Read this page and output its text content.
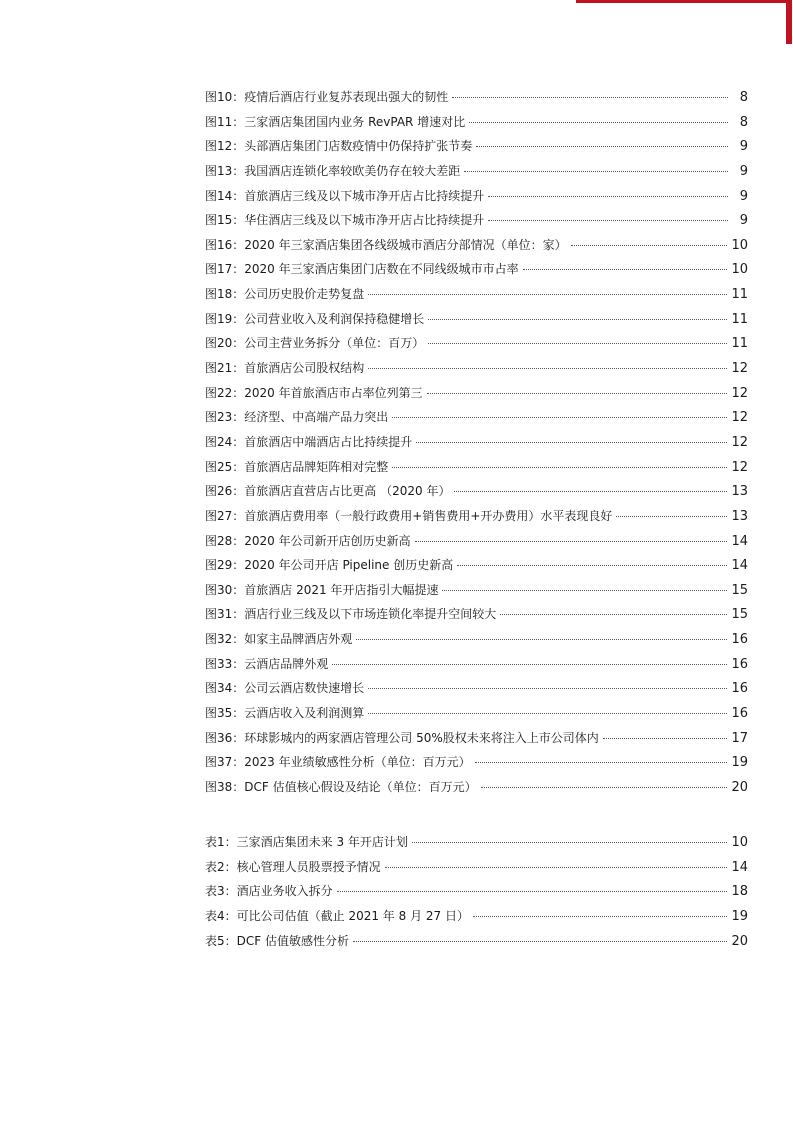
图10：疫情后酒店行业复苏表现出强大的韧性	8
图11：三家酒店集团国内业务 RevPAR 增速对比	8
图12：头部酒店集团门店数疫情中仍保持扩张节奏	9
图13：我国酒店连锁化率较欧美仍存在较大差距	9
图14：首旅酒店三线及以下城市净开店占比持续提升	9
图15：华住酒店三线及以下城市净开店占比持续提升	9
图16：2020 年三家酒店集团各线级城市酒店分部情况（单位：家）	10
图17：2020 年三家酒店集团门店数在不同线级城市市占率	10
图18：公司历史股价走势复盘	11
图19：公司营业收入及利润保持稳健增长	11
图20：公司主营业务拆分（单位：百万）	11
图21：首旅酒店公司股权结构	12
图22：2020 年首旅酒店市占率位列第三	12
图23：经济型、中高端产品力突出	12
图24：首旅酒店中端酒店占比持续提升	12
图25：首旅酒店品牌矩阵相对完整	12
图26：首旅酒店直营店占比更高 （2020 年）	13
图27：首旅酒店费用率（一般行政费用+销售费用+开办费用）水平表现良好	13
图28：2020 年公司新开店创历史新高	14
图29：2020 年公司开店 Pipeline 创历史新高	14
图30：首旅酒店 2021 年开店指引大幅提速	15
图31：酒店行业三线及以下市场连锁化率提升空间较大	15
图32：如家主品牌酒店外观	16
图33：云酒店品牌外观	16
图34：公司云酒店数快速增长	16
图35：云酒店收入及利润测算	16
图36：环球影城内的两家酒店管理公司 50%股权未来将注入上市公司体内	17
图37：2023 年业绩敏感性分析（单位：百万元）	19
图38：DCF 估值核心假设及结论（单位：百万元）	20
表1：三家酒店集团未来 3 年开店计划	10
表2：核心管理人员股票授予情况	14
表3：酒店业务收入拆分	18
表4：可比公司估值（截止 2021 年 8 月 27 日）	19
表5：DCF 估值敏感性分析	20
